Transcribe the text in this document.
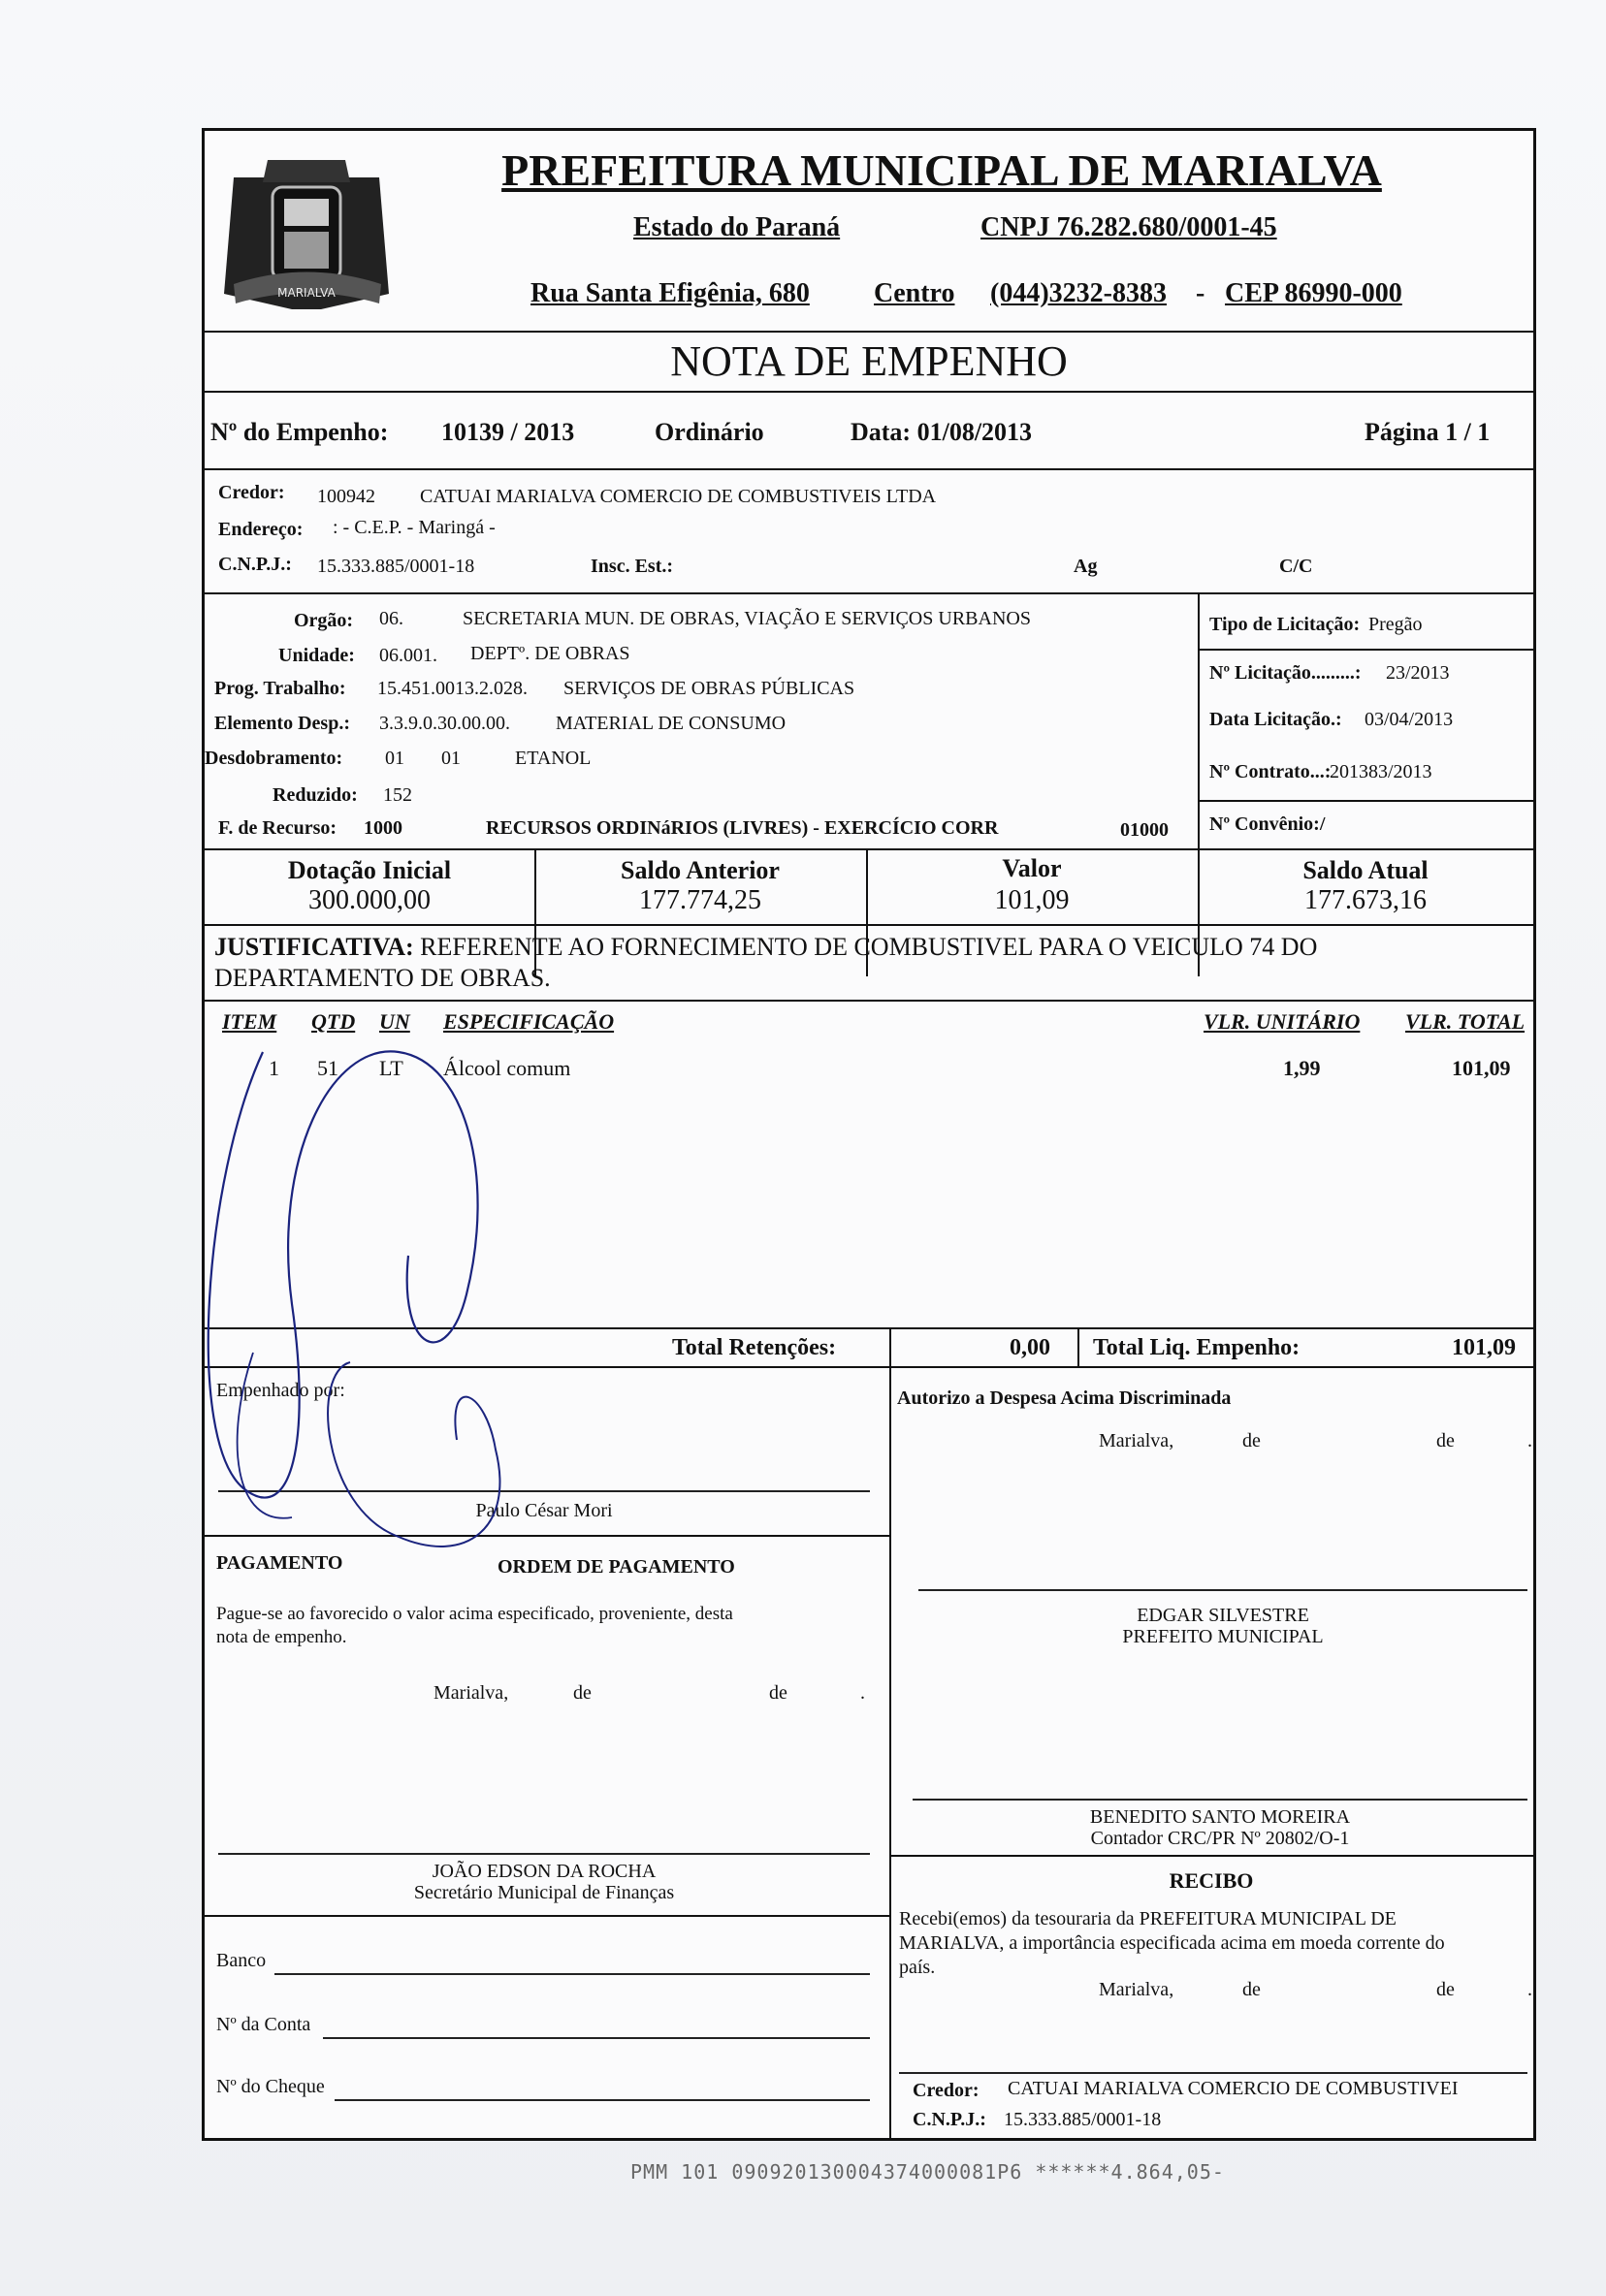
MARIALVA
PREFEITURA MUNICIPAL DE MARIALVA
Estado do Paraná	CNPJ 76.282.680/0001-45
Rua Santa Efigênia, 680 Centro (044)3232-8383 - CEP 86990-000
NOTA DE EMPENHO
Nº do Empenho: 10139 / 2013	Ordinário	Data: 01/08/2013	Página 1 / 1
Credor: 100942 CATUAI MARIALVA COMERCIO DE COMBUSTIVEIS LTDA
Endereço: : - C.E.P. - Maringá -
C.N.P.J.: 15.333.885/0001-18	Insc. Est.:	Ag	C/C
Orgão: 06.	SECRETARIA MUN. DE OBRAS, VIAÇÃO E SERVIÇOS URBANOS
Unidade: 06.001. DEPTº. DE OBRAS
Prog. Trabalho: 15.451.0013.2.028. SERVIÇOS DE OBRAS PÚBLICAS
Elemento Desp.: 3.3.9.0.30.00.00. MATERIAL DE CONSUMO
Desdobramento: 01 01	ETANOL
Reduzido: 152
F. de Recurso: 1000	RECURSOS ORDINáRIOS (LIVRES) - EXERCÍCIO CORR	01000
Tipo de Licitação: Pregão
Nº Licitação.........: 23/2013
Data Licitação.: 03/04/2013
Nº Contrato...:
201383/2013
Nº Convênio:/
Dotação Inicial
300.000,00
Saldo Anterior
177.774,25
Valor
101,09
Saldo Atual
177.673,16
JUSTIFICATIVA: REFERENTE AO FORNECIMENTO DE COMBUSTIVEL PARA O VEICULO 74 DO
DEPARTAMENTO DE OBRAS.
ITEM QTD UN ESPECIFICAÇÃO	VLR. UNITÁRIO VLR. TOTAL
1 51 LT Álcool comum	1,99	101,09
Total Retenções:	0,00 Total Liq. Empenho:	101,09
Empenhado por:
Paulo César Mori
Autorizo a Despesa Acima Discriminada
Marialva,	de	de	.
EDGAR SILVESTRE
PREFEITO MUNICIPAL
PAGAMENTO	ORDEM DE PAGAMENTO
Pague-se ao favorecido o valor acima especificado, proveniente, desta
nota de empenho.
Marialva,	de	de	.
JOÃO EDSON DA ROCHA
Secretário Municipal de Finanças
BENEDITO SANTO MOREIRA
Contador CRC/PR Nº 20802/O-1
RECIBO
Recebi(emos) da tesouraria da PREFEITURA MUNICIPAL DE
MARIALVA, a importância especificada acima em moeda corrente do
país.
Marialva,	de	de	.
Credor: CATUAI MARIALVA COMERCIO DE COMBUSTIVEI
C.N.P.J.: 15.333.885/0001-18
Banco
Nº da Conta
Nº do Cheque
PMM 101 090920130004374000081P6 ******4.864,05-
